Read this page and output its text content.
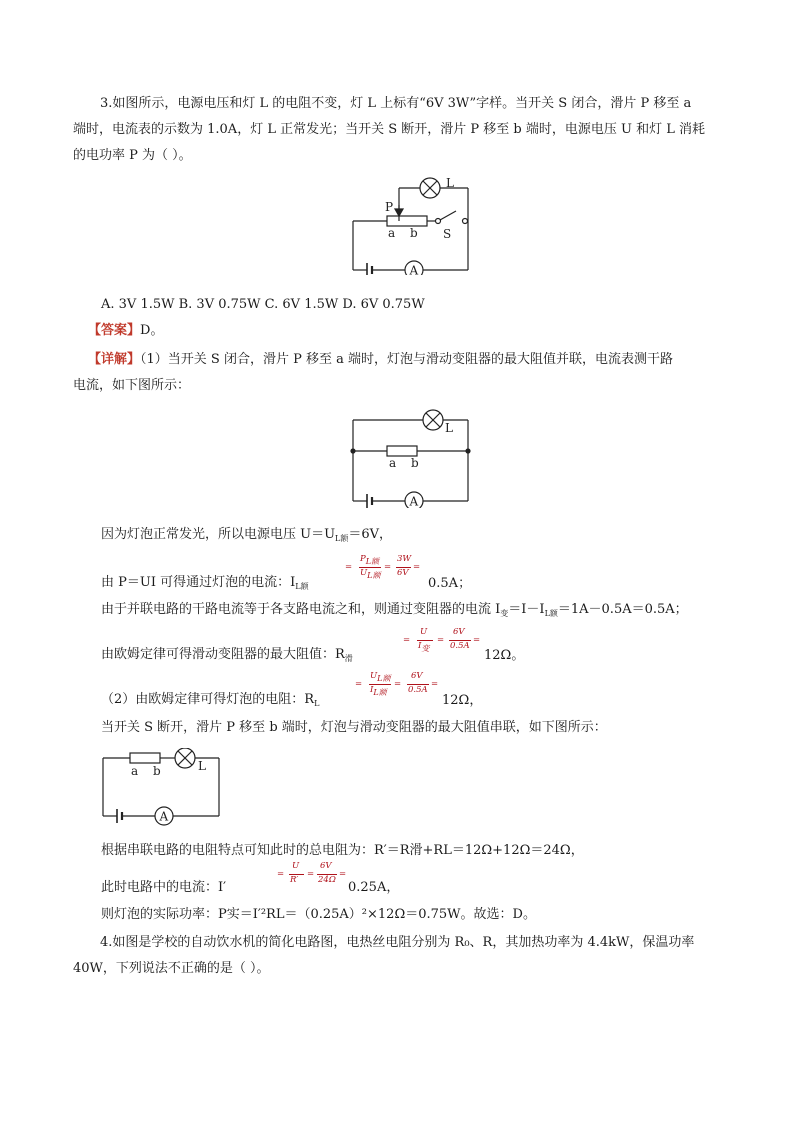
3.如图所示，电源电压和灯 L 的电阻不变，灯 L 上标有“6V 3W”字样。当开关 S 闭合，滑片 P 移至 a
端时，电流表的示数为 1.0A，灯 L 正常发光；当开关 S 断开，滑片 P 移至 b 端时，电源电压 U 和灯 L 消耗
的电功率 P 为（ ）。
A
P
L
a b S
A. 3V 1.5W B. 3V 0.75W C. 6V 1.5W D. 6V 0.75W
【答案】D。
【详解】（1）当开关 S 闭合，滑片 P 移至 a 端时，灯泡与滑动变阻器的最大阻值并联，电流表测干路
电流，如下图所示：
A
L
a b
因为灯泡正常发光，所以电源电压 $U=U_{L额}=6V$，
由 P＝UI 可得通过灯泡的电流：$I_{L额}$
=
$P_{L额}$
$U_{L额}$
=
3W
6V
=
0.5A；
由于并联电路的干路电流等于各支路电流之和，则通过变阻器的电流 $I_变=I-I_{L额}=1A-0.5A=0.5A$；
由欧姆定律可得滑动变阻器的最大阻值：$R_滑$
=
U
$I_变$
=
6V
0.5A
=
12Ω。
（2）由欧姆定律可得灯泡的电阻：$R_L$
=
$U_{L额}$
$I_{L额}$
=
6V
0.5A
=
12Ω，
当开关 S 断开，滑片 P 移至 b 端时，灯泡与滑动变阻器的最大阻值串联，如下图所示：
A
L
a b
根据串联电路的电阻特点可知此时的总电阻为：R′＝R滑+RL＝12Ω+12Ω＝24Ω，
此时电路中的电流：I′
=
U
R′
=
6V
24Ω
=
0.25A，
则灯泡的实际功率：P实＝I′²RL＝（0.25A）²×12Ω＝0.75W。故选：D。
4.如图是学校的自动饮水机的简化电路图，电热丝电阻分别为 R₀、R，其加热功率为 4.4kW，保温功率
40W，下列说法不正确的是（ ）。
